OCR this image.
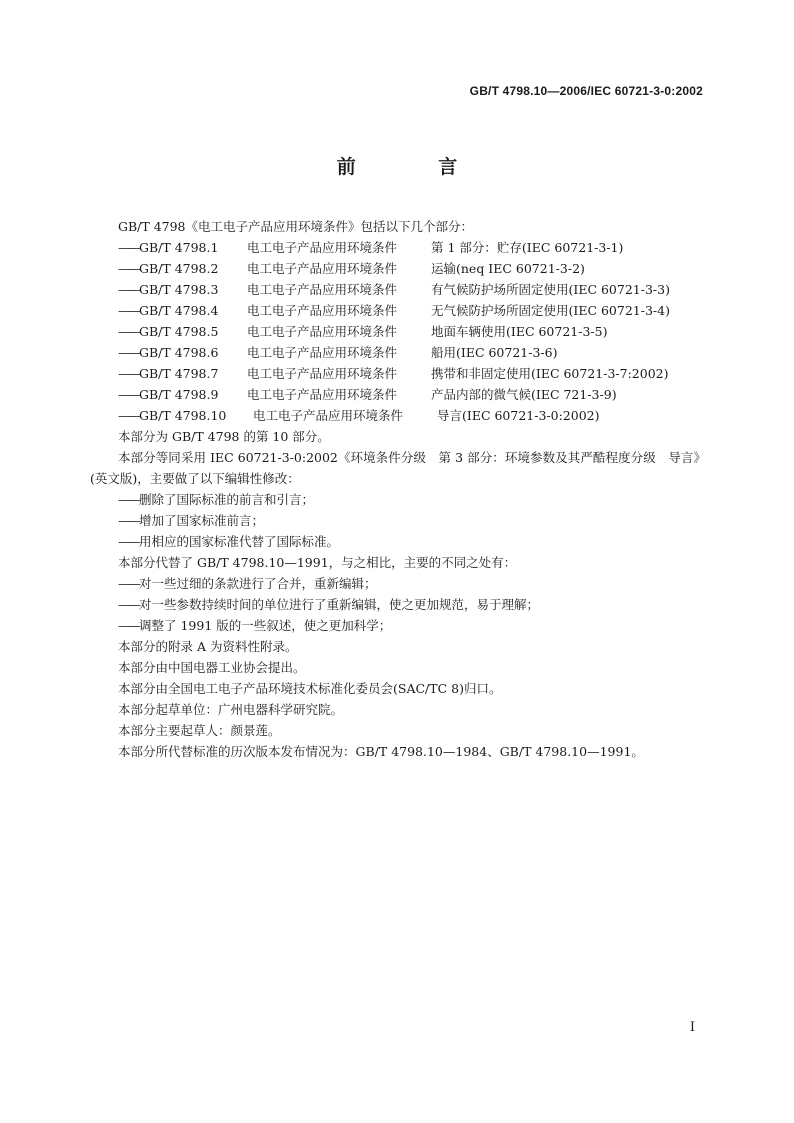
GB/T 4798.10—2006/IEC 60721-3-0:2002
前 言
GB/T 4798《电工电子产品应用环境条件》包括以下几个部分：
——GB/T 4798.1 电工电子产品应用环境条件	第 1 部分：贮存(IEC 60721-3-1)
——GB/T 4798.2 电工电子产品应用环境条件	运输(neq IEC 60721-3-2)
——GB/T 4798.3 电工电子产品应用环境条件	有气候防护场所固定使用(IEC 60721-3-3)
——GB/T 4798.4 电工电子产品应用环境条件	无气候防护场所固定使用(IEC 60721-3-4)
——GB/T 4798.5 电工电子产品应用环境条件	地面车辆使用(IEC 60721-3-5)
——GB/T 4798.6 电工电子产品应用环境条件	船用(IEC 60721-3-6)
——GB/T 4798.7 电工电子产品应用环境条件	携带和非固定使用(IEC 60721-3-7:2002)
——GB/T 4798.9 电工电子产品应用环境条件	产品内部的微气候(IEC 721-3-9)
——GB/T 4798.10 电工电子产品应用环境条件	导言(IEC 60721-3-0:2002)
本部分为 GB/T 4798 的第 10 部分。
本部分等同采用 IEC 60721-3-0:2002《环境条件分级　第 3 部分：环境参数及其严酷程度分级　导言》(英文版)，主要做了以下编辑性修改：
——删除了国际标准的前言和引言；
——增加了国家标准前言；
——用相应的国家标准代替了国际标准。
本部分代替了 GB/T 4798.10—1991，与之相比，主要的不同之处有：
——对一些过细的条款进行了合并，重新编辑；
——对一些参数持续时间的单位进行了重新编辑，使之更加规范，易于理解；
——调整了 1991 版的一些叙述，使之更加科学；
本部分的附录 A 为资料性附录。
本部分由中国电器工业协会提出。
本部分由全国电工电子产品环境技术标准化委员会(SAC/TC 8)归口。
本部分起草单位：广州电器科学研究院。
本部分主要起草人：颜景莲。
本部分所代替标准的历次版本发布情况为：GB/T 4798.10—1984、GB/T 4798.10—1991。
I
